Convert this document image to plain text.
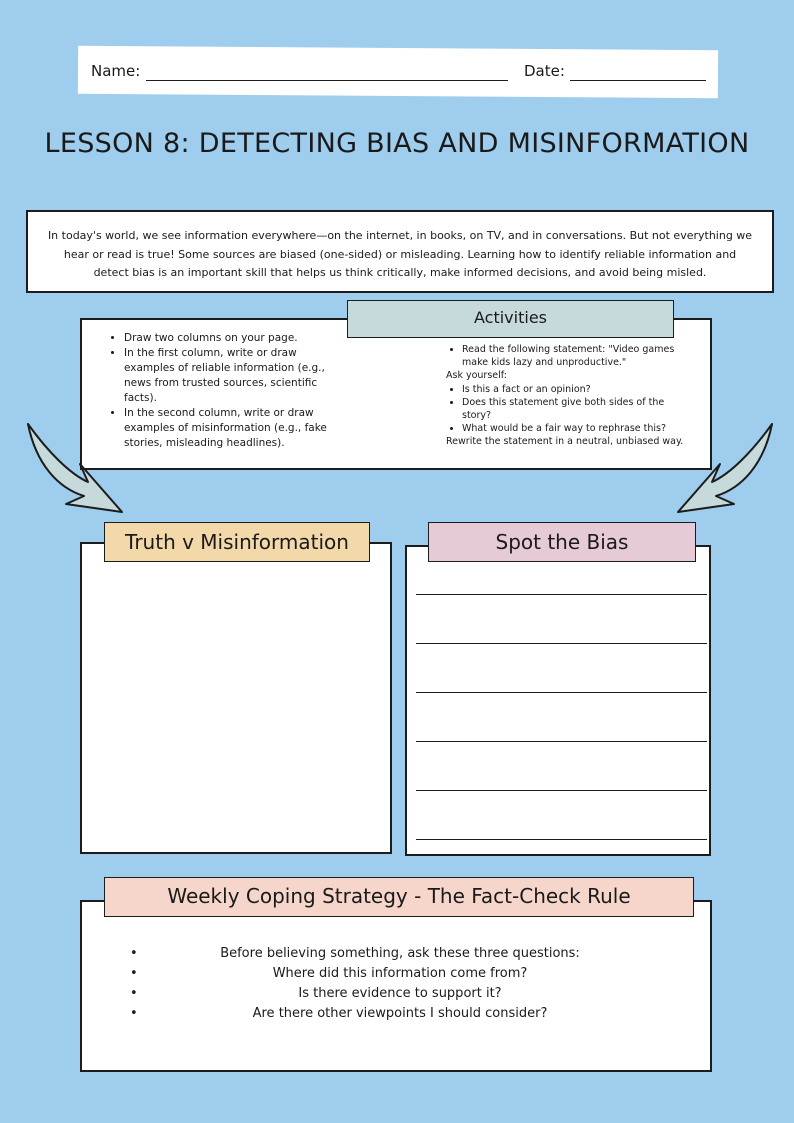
Name:	Date:
LESSON 8: DETECTING BIAS AND MISINFORMATION
In today's world, we see information everywhere—on the internet, in books, on TV, and in conversations. But not everything we hear or read is true! Some sources are biased (one-sided) or misleading. Learning how to identify reliable information and detect bias is an important skill that helps us think critically, make informed decisions, and avoid being misled.
Activities
• Draw two columns on your page.
• In the first column, write or draw examples of reliable information (e.g., news from trusted sources, scientific facts).
• In the second column, write or draw examples of misinformation (e.g., fake stories, misleading headlines).
• Read the following statement: "Video games make kids lazy and unproductive."
Ask yourself:
• Is this a fact or an opinion?
• Does this statement give both sides of the story?
• What would be a fair way to rephrase this?
Rewrite the statement in a neutral, unbiased way.
Truth v Misinformation	Spot the Bias
Weekly Coping Strategy - The Fact-Check Rule
•	Before believing something, ask these three questions:
•	Where did this information come from?
•	Is there evidence to support it?
•	Are there other viewpoints I should consider?
